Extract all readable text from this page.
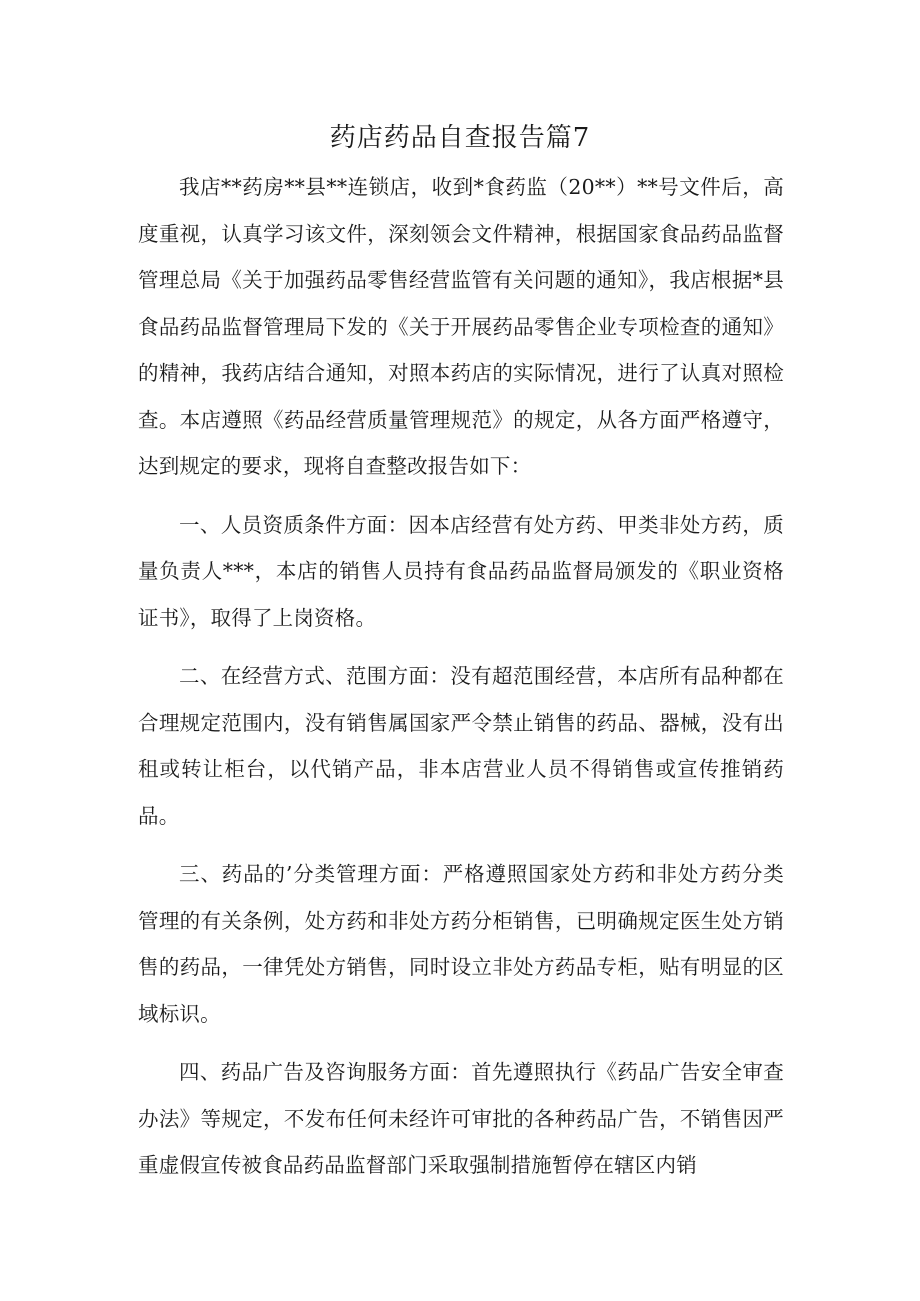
药店药品自查报告篇7

我店**药房**县**连锁店，收到*食药监（20**）**号文件后，高度重视，认真学习该文件，深刻领会文件精神，根据国家食品药品监督管理总局《关于加强药品零售经营监管有关问题的通知》，我店根据*县食品药品监督管理局下发的《关于开展药品零售企业专项检查的通知》的精神，我药店结合通知，对照本药店的实际情况，进行了认真对照检查。本店遵照《药品经营质量管理规范》的规定，从各方面严格遵守，达到规定的要求，现将自查整改报告如下：

一、人员资质条件方面：因本店经营有处方药、甲类非处方药，质量负责人***，本店的销售人员持有食品药品监督局颁发的《职业资格证书》，取得了上岗资格。

二、在经营方式、范围方面：没有超范围经营，本店所有品种都在合理规定范围内，没有销售属国家严令禁止销售的药品、器械，没有出租或转让柜台，以代销产品，非本店营业人员不得销售或宣传推销药品。

三、药品的’分类管理方面：严格遵照国家处方药和非处方药分类管理的有关条例，处方药和非处方药分柜销售，已明确规定医生处方销售的药品，一律凭处方销售，同时设立非处方药品专柜，贴有明显的区域标识。

四、药品广告及咨询服务方面：首先遵照执行《药品广告安全审查办法》等规定，不发布任何未经许可审批的各种药品广告，不销售因严重虚假宣传被食品药品监督部门采取强制措施暂停在辖区内销
